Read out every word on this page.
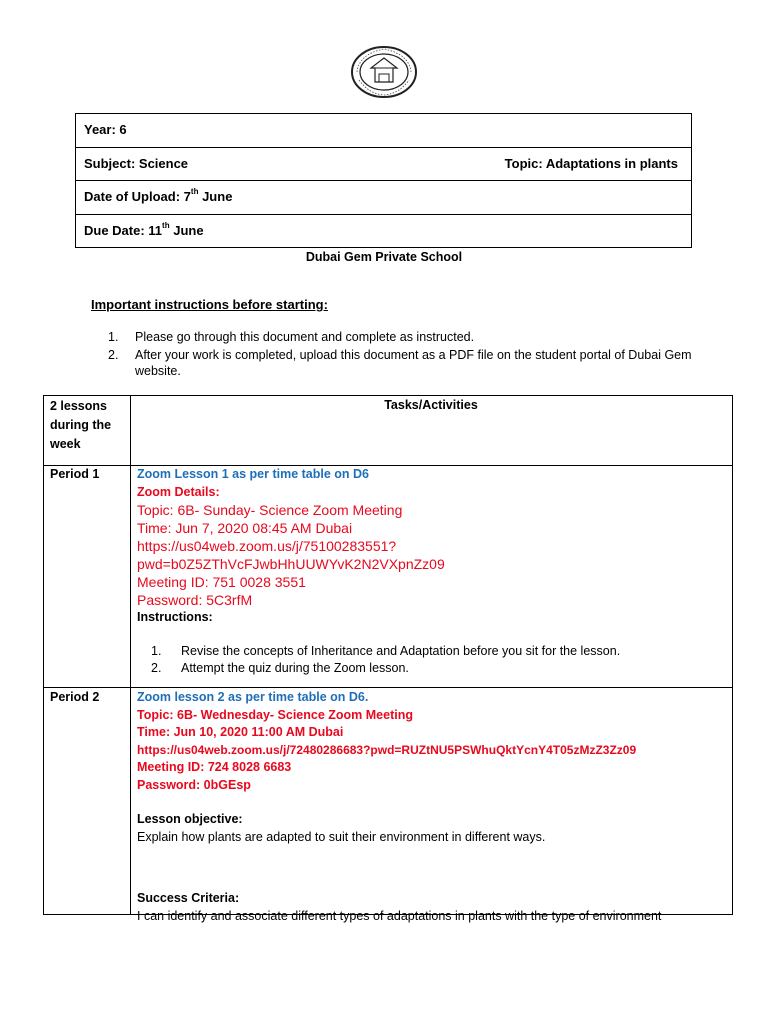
Year: 6
Subject: Science	Topic: Adaptations in plants
Date of Upload: 7th June
Due Date: 11th June
Dubai Gem Private School
Important instructions before starting:
1.	Please go through this document and complete as instructed.
2.	After your work is completed, upload this document as a PDF file on the student portal of Dubai Gem website.
2 lessons during the week
Tasks/Activities
Period 1	Zoom Lesson 1 as per time table on D6
Zoom Details:
Topic: 6B- Sunday- Science Zoom Meeting
Time: Jun 7, 2020 08:45 AM Dubai
https://us04web.zoom.us/j/75100283551?
pwd=b0Z5ZThVcFJwbHhUUWYvK2N2VXpnZz09
Meeting ID: 751 0028 3551
Password: 5C3rfM
Instructions:
1.	Revise the concepts of Inheritance and Adaptation before you sit for the lesson.
2.	Attempt the quiz during the Zoom lesson.
Period 2	Zoom lesson 2 as per time table on D6.
Topic: 6B- Wednesday- Science Zoom Meeting
Time: Jun 10, 2020 11:00 AM Dubai
https://us04web.zoom.us/j/72480286683?pwd=RUZtNU5PSWhuQktYcnY4T05zMzZ3Zz09
Meeting ID: 724 8028 6683
Password: 0bGEsp
Lesson objective:
Explain how plants are adapted to suit their environment in different ways.
Success Criteria:
I can identify and associate different types of adaptations in plants with the type of environment
